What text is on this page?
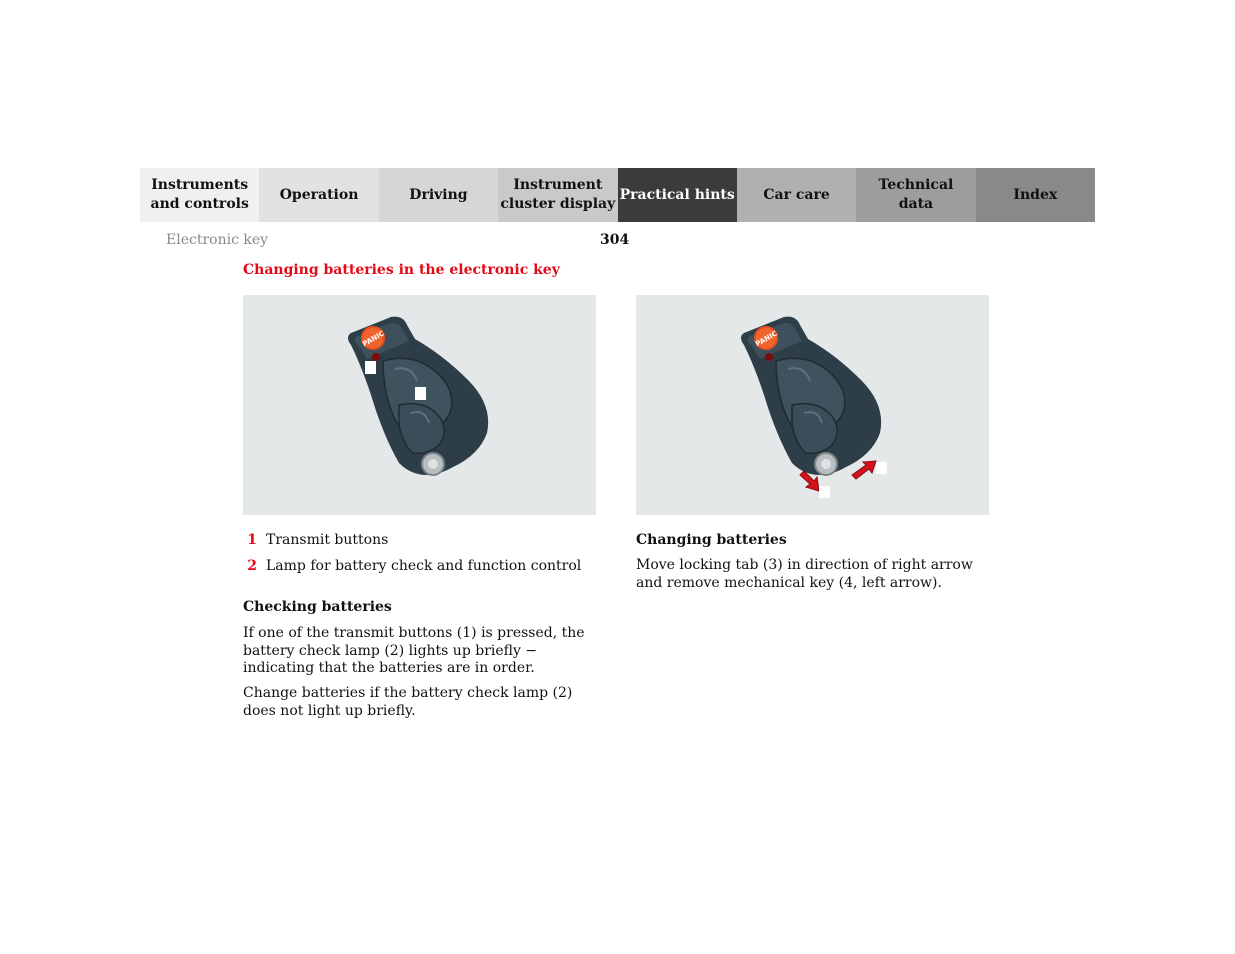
Instruments
and controls
Operation	Driving
Instrument
cluster display
Practical hints	Car care
Technical
data
Index
Electronic key	304
Changing batteries in the electronic key
PANIC	PANIC
1 Transmit buttons
2 Lamp for battery check and function control
Checking batteries
If one of the transmit buttons (1) is pressed, the battery check lamp (2) lights up briefly − indicating that the batteries are in order.
Change batteries if the battery check lamp (2) does not light up briefly.
Changing batteries
Move locking tab (3) in direction of right arrow and remove mechanical key (4, left arrow).
